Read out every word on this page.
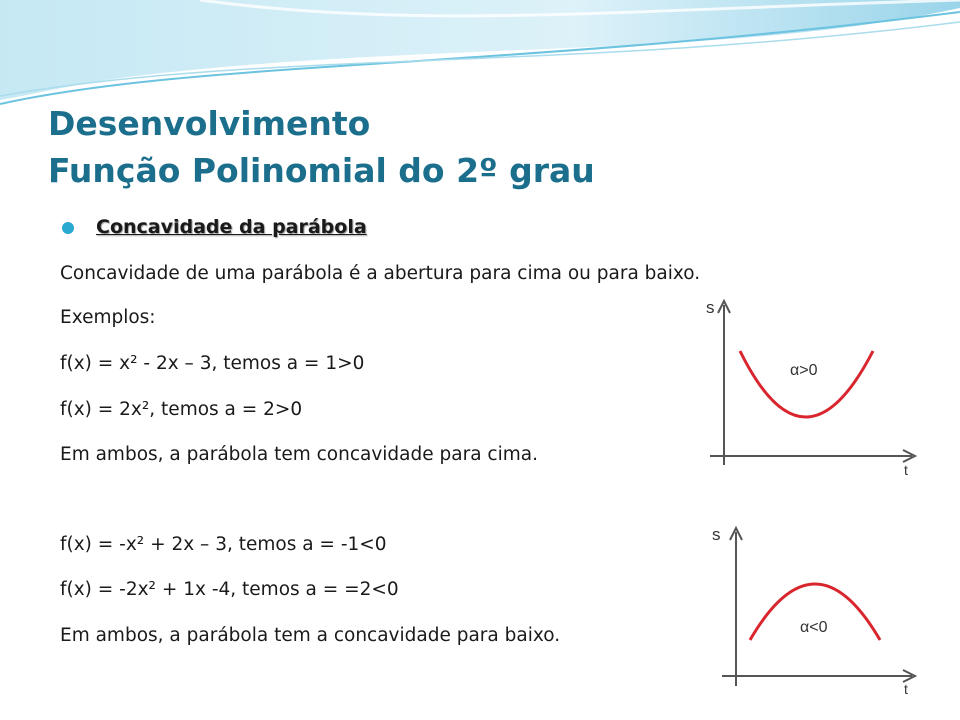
Desenvolvimento
Função Polinomial do 2º grau
Concavidade da parábola

Concavidade de uma parábola é a abertura para cima ou para baixo.

Exemplos:

f(x) = x² - 2x – 3, temos a = 1>0

f(x) = 2x², temos a = 2>0

Em ambos, a parábola tem concavidade para cima.

f(x) = -x² + 2x – 3, temos a = -1<0

f(x) = -2x² + 1x -4, temos a = =2<0

Em ambos, a parábola tem a concavidade para baixo.

s
t
α>0
s
t
α<0
